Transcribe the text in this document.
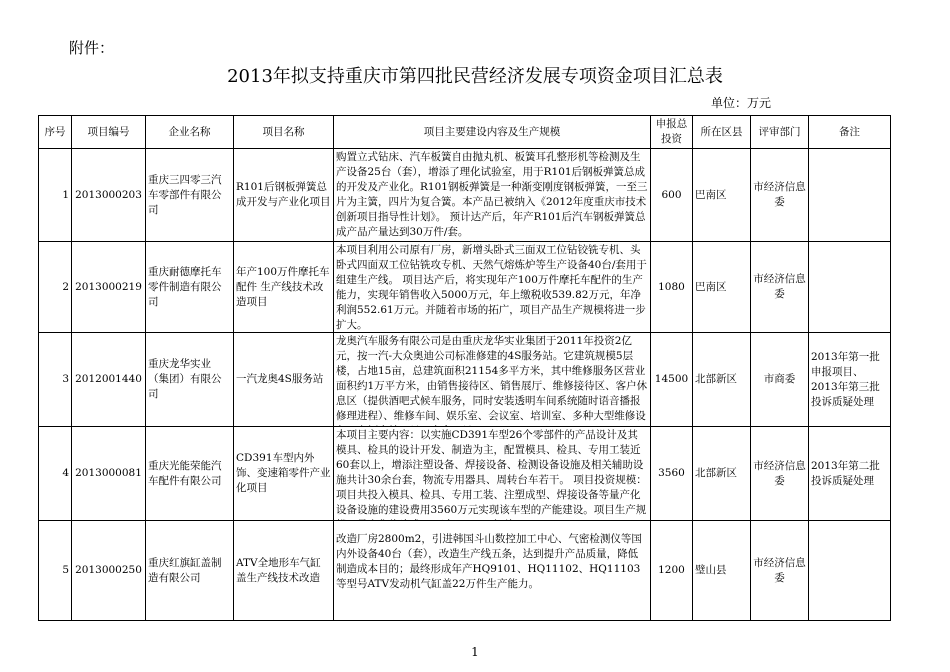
附件：
2013年拟支持重庆市第四批民营经济发展专项资金项目汇总表
单位：万元
序号	项目编号	企业名称	项目名称	项目主要建设内容及生产规模	申报总投资	所在区县	评审部门	备注
1	2013000203	重庆三四零三汽车零部件有限公司	R101后钢板弹簧总成开发与产业化项目	购置立式钻床、汽车板簧自由抛丸机、板簧耳孔整形机等检测及生产设备25台（套），增添了理化试验室，用于R101后钢板弹簧总成的开发及产业化。R101钢板弹簧是一种渐变刚度钢板弹簧，一至三片为主簧，四片为复合簧。本产品已被纳入《2012年度重庆市技术创新项目指导性计划》。 预计达产后，年产R101后汽车钢板弹簧总成产品产量达到30万件/套。	600	巴南区	市经济信息委	
2	2013000219	重庆耐德摩托车零件制造有限公司	年产100万件摩托车配件 生产线技术改造项目	本项目利用公司原有厂房，新增头卧式三面双工位钻铰铣专机、头卧式四面双工位钻铣攻专机、天然气熔炼炉等生产设备40台/套用于组建生产线。 项目达产后，将实现年产100万件摩托车配件的生产能力，实现年销售收入5000万元，年上缴税收539.82万元，年净利润552.61万元。并随着市场的拓广，项目产品生产规模将进一步扩大。	1080	巴南区	市经济信息委	
3	2012001440	重庆龙华实业（集团）有限公司	一汽龙奥4S服务站	龙奥汽车服务有限公司是由重庆龙华实业集团于2011年投资2亿元，按一汽-大众奥迪公司标准修建的4S服务站。它建筑规模5层楼，占地15亩，总建筑面积21154多平方米，其中维修服务区营业面积约1万平方米，由销售接待区、销售展厅、维修接待区、客户休息区（提供酒吧式候车服务，同时安装透明车间系统随时语音播报修理进程）、维修车间、娱乐室、会议室、培训室、多种大型维修设	14500	北部新区	市商委	2013年第一批申报项目、2013年第三批投诉质疑处理
4	2013000081	重庆光能荣能汽车配件有限公司	CD391车型内外饰、变速箱零件产业化项目	本项目主要内容：以实施CD391车型26个零部件的产品设计及其模具、检具的设计开发、制造为主，配置模具、检具、专用工装近60套以上，增添注塑设备、焊接设备、检测设备设施及相关辅助设施共计30余台套，物流专用器具、周转台车若干。 项目投资规模：项目共投入模具、检具、专用工装、注塑成型、焊接设备等量产化设备设施的建设费用3560万元实现该车型的产能建设。项目生产规	3560	北部新区	市经济信息委	2013年第二批投诉质疑处理
5	2013000250	重庆红旗缸盖制造有限公司	ATV全地形车气缸盖生产线技术改造	改造厂房2800m2，引进韩国斗山数控加工中心、气密检测仪等国内外设备40台（套），改造生产线五条，达到提升产品质量，降低制造成本目的；最终形成年产HQ9101、HQ11102、HQ11103等型号ATV发动机气缸盖22万件生产能力。	1200	璧山县	市经济信息委	
1
